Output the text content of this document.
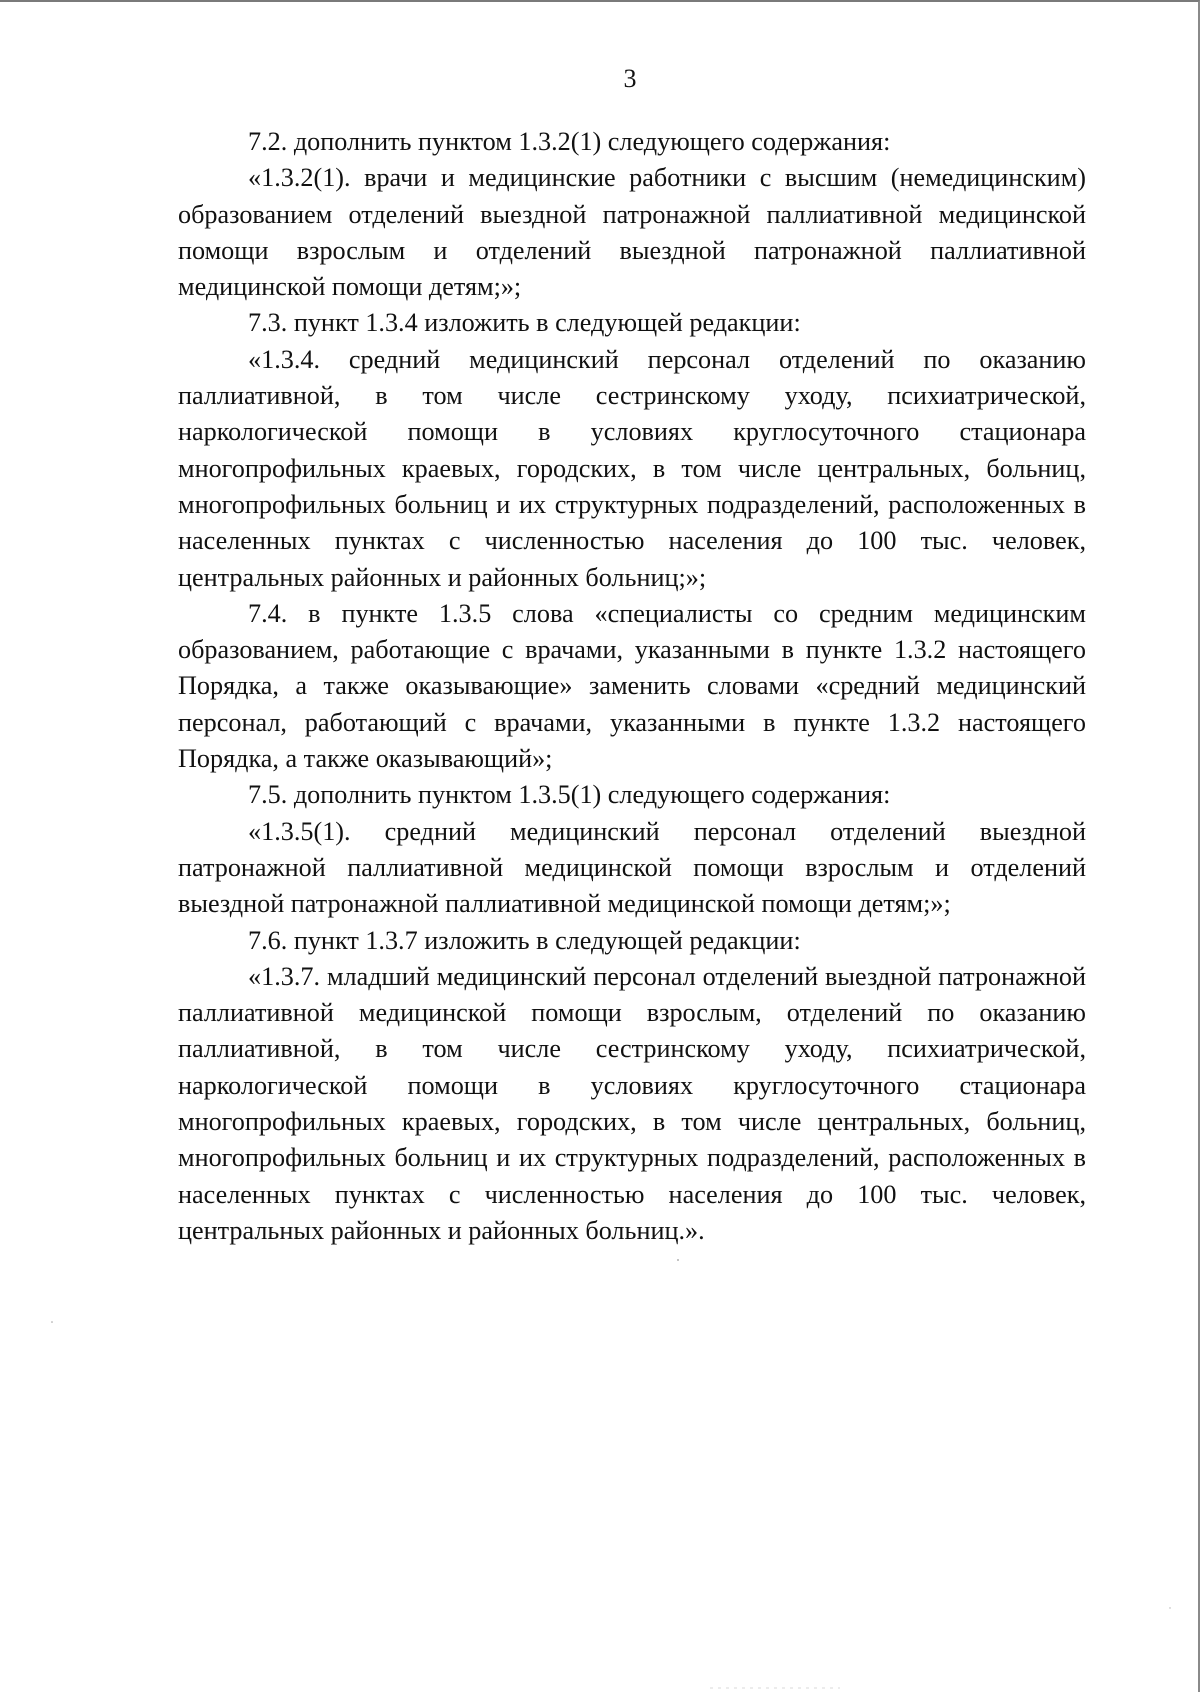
3

7.2. дополнить пунктом 1.3.2(1) следующего содержания:

«1.3.2(1). врачи и медицинские работники с высшим (немедицинским) образованием отделений выездной патронажной паллиативной медицинской помощи взрослым и отделений выездной патронажной паллиативной медицинской помощи детям;»;

7.3. пункт 1.3.4 изложить в следующей редакции:

«1.3.4. средний медицинский персонал отделений по оказанию паллиативной, в том числе сестринскому уходу, психиатрической, наркологической помощи в условиях круглосуточного стационара многопрофильных краевых, городских, в том числе центральных, больниц, многопрофильных больниц и их структурных подразделений, расположенных в населенных пунктах с численностью населения до 100 тыс. человек, центральных районных и районных больниц;»;

7.4. в пункте 1.3.5 слова «специалисты со средним медицинским образованием, работающие с врачами, указанными в пункте 1.3.2 настоящего Порядка, а также оказывающие» заменить словами «средний медицинский персонал, работающий с врачами, указанными в пункте 1.3.2 настоящего Порядка, а также оказывающий»;

7.5. дополнить пунктом 1.3.5(1) следующего содержания:

«1.3.5(1). средний медицинский персонал отделений выездной патронажной паллиативной медицинской помощи взрослым и отделений выездной патронажной паллиативной медицинской помощи детям;»;

7.6. пункт 1.3.7 изложить в следующей редакции:

«1.3.7. младший медицинский персонал отделений выездной патронажной паллиативной медицинской помощи взрослым, отделений по оказанию паллиативной, в том числе сестринскому уходу, психиатрической, наркологической помощи в условиях круглосуточного стационара многопрофильных краевых, городских, в том числе центральных, больниц, многопрофильных больниц и их структурных подразделений, расположенных в населенных пунктах с численностью населения до 100 тыс. человек, центральных районных и районных больниц.».
